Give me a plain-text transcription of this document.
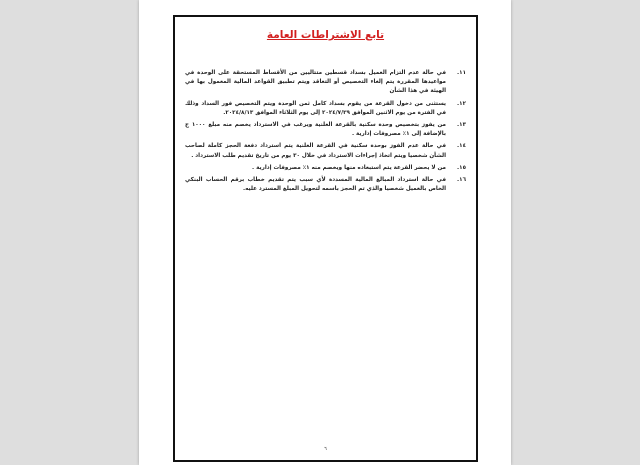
تابع الاشتراطات العامة
١١.
في حالة عدم التزام العميل بسداد قسطين متتاليين من الأقساط المستحقة على الوحدة في مواعيدها المقررة يتم إلغاء التخصيص أو التعاقد ويتم تطبيق القواعد المالية المعمول بها في الهيئة في هذا الشأن
١٢.
يستثنى من دخول القرعة من يقوم بسداد كامل ثمن الوحدة ويتم التخصيص فور السداد وذلك في الفترة من يوم الاثنين الموافق ٢٠٢٤/٧/٢٩ إلى يوم الثلاثاء الموافق ٢٠٢٤/٨/١٣.
١٣.
من يفوز بتخصيص وحدة سكنية بالقرعة العلنية ويرغب في الاسترداد يخصم منه مبلغ ١٠٠٠ ج بالإضافة إلى ١٪ مصروفات إدارية .
١٤.
في حالة عدم الفوز بوحدة سكنية في القرعة العلنية يتم استرداد دفعة الحجز كاملة لصاحب الشأن شخصيا ويتم اتخاذ إجراءات الاسترداد في خلال ٣٠ يوم من تاريخ تقديم طلب الاسترداد .
١٥.
من لا يحضر القرعة يتم استبعاده منها ويخصم منه ١٪ مصروفات إدارية .
١٦.
في حالة استرداد المبالغ المالية المسددة لأي سبب يتم تقديم خطاب برقم الحساب البنكي الخاص بالعميل شخصيا والذي تم الحجز باسمه لتحويل المبلغ المسترد عليه.
٦
